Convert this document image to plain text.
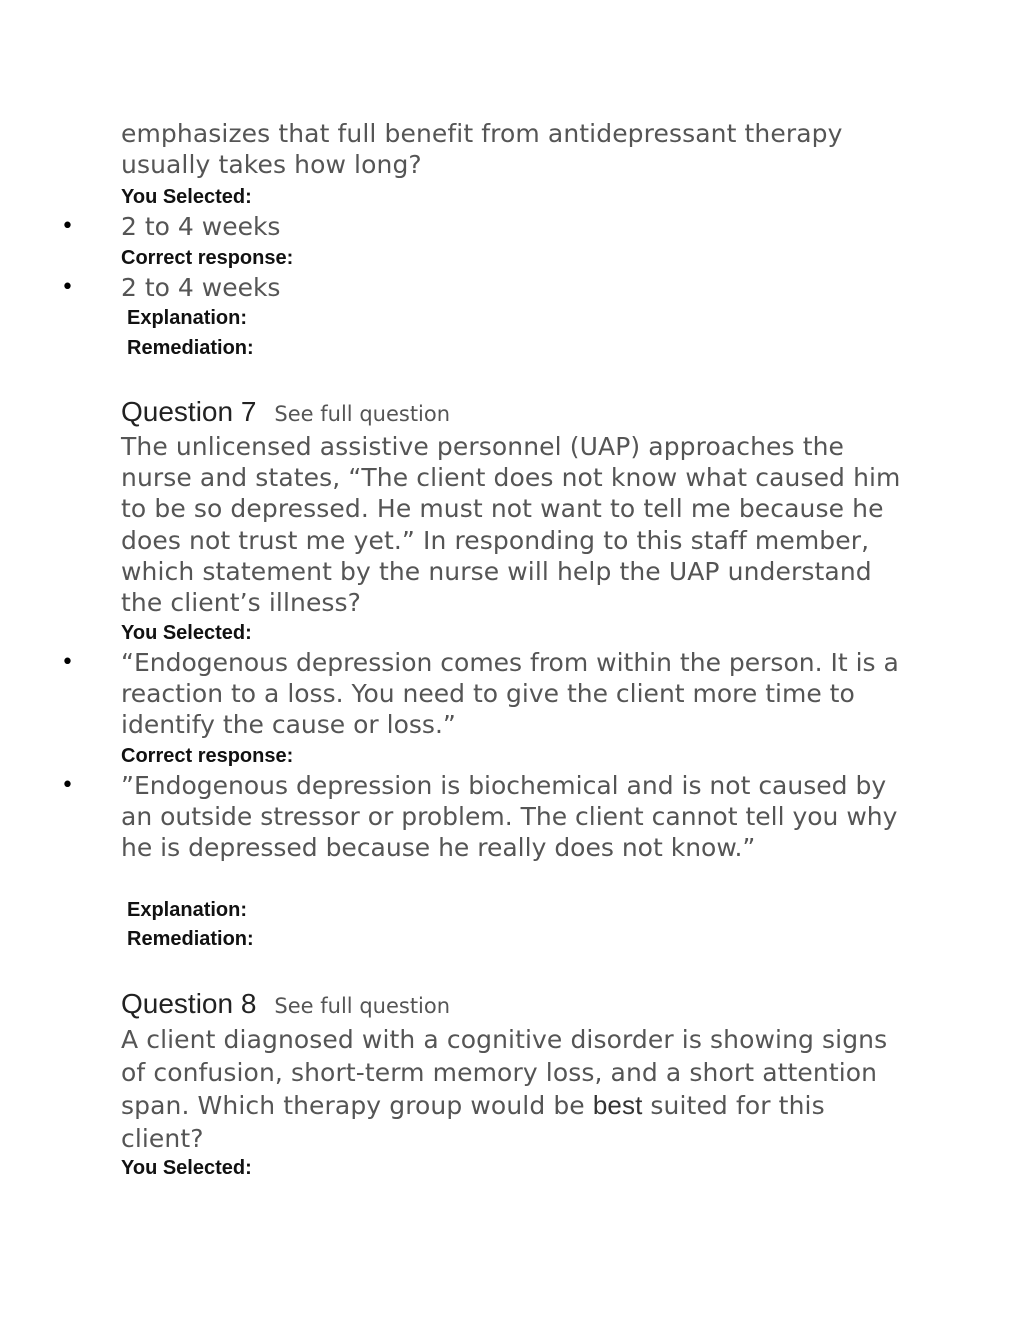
emphasizes that full benefit from antidepressant therapy usually takes how long?
You Selected:
• 2 to 4 weeks
Correct response:
• 2 to 4 weeks
Explanation:
Remediation:
Question 7 See full question
The unlicensed assistive personnel (UAP) approaches the nurse and states, “The client does not know what caused him to be so depressed. He must not want to tell me because he does not trust me yet.” In responding to this staff member, which statement by the nurse will help the UAP understand the client’s illness?
You Selected:
• “Endogenous depression comes from within the person. It is a reaction to a loss. You need to give the client more time to identify the cause or loss.”
Correct response:
• ”Endogenous depression is biochemical and is not caused by an outside stressor or problem. The client cannot tell you why he is depressed because he really does not know.”
Explanation:
Remediation:
Question 8 See full question
A client diagnosed with a cognitive disorder is showing signs of confusion, short-term memory loss, and a short attention span. Which therapy group would be best suited for this client?
You Selected:
